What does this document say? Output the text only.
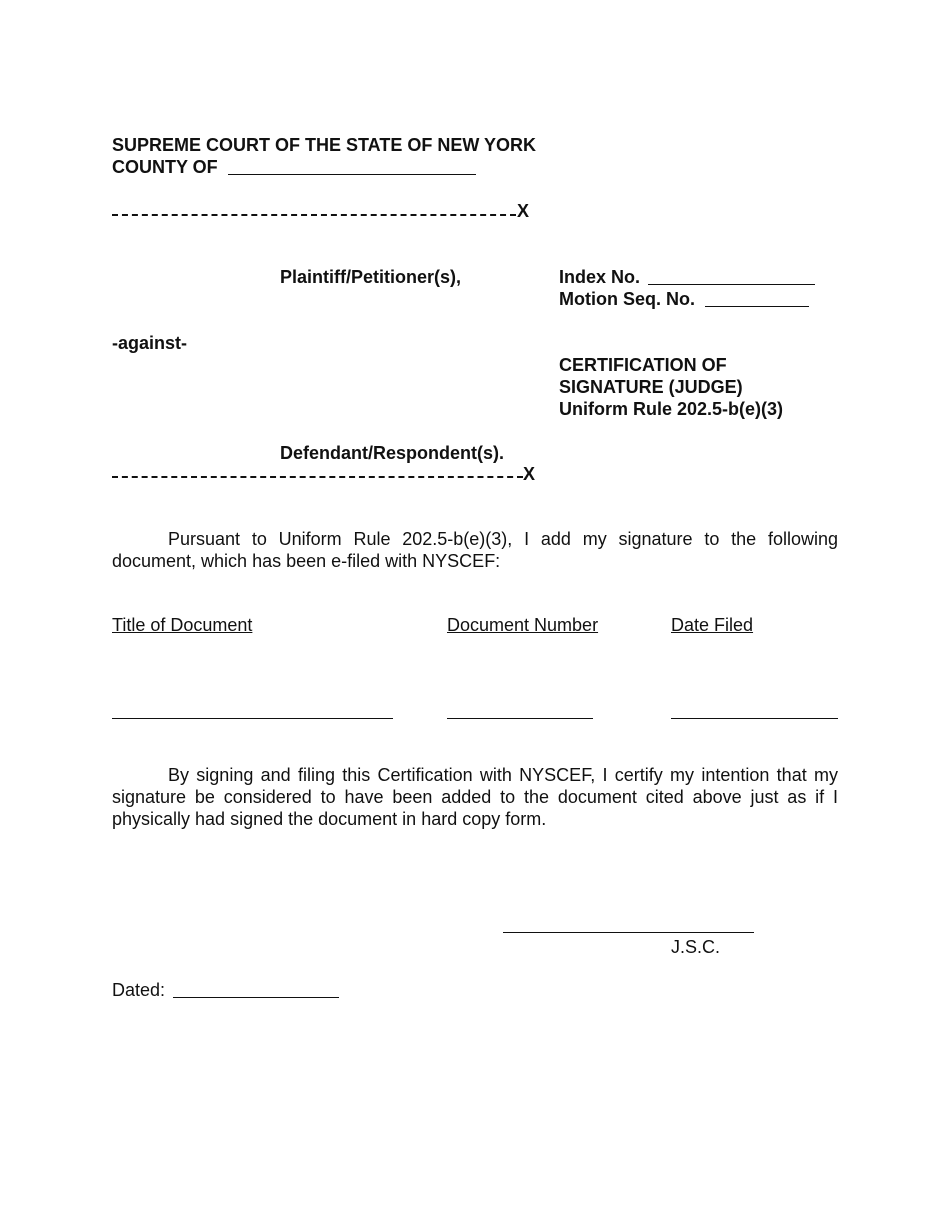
SUPREME COURT OF THE STATE OF NEW YORK
COUNTY OF
X
Plaintiff/Petitioner(s),	Index No.
Motion Seq. No.
-against-
CERTIFICATION OF
SIGNATURE (JUDGE)
Uniform Rule 202.5-b(e)(3)
Defendant/Respondent(s).
X
Pursuant to Uniform Rule 202.5-b(e)(3), I add my signature to the following document, which has been e-filed with NYSCEF:
Title of Document	Document Number	Date Filed
By signing and filing this Certification with NYSCEF, I certify my intention that my signature be considered to have been added to the document cited above just as if I physically had signed the document in hard copy form.
J.S.C.
Dated:
